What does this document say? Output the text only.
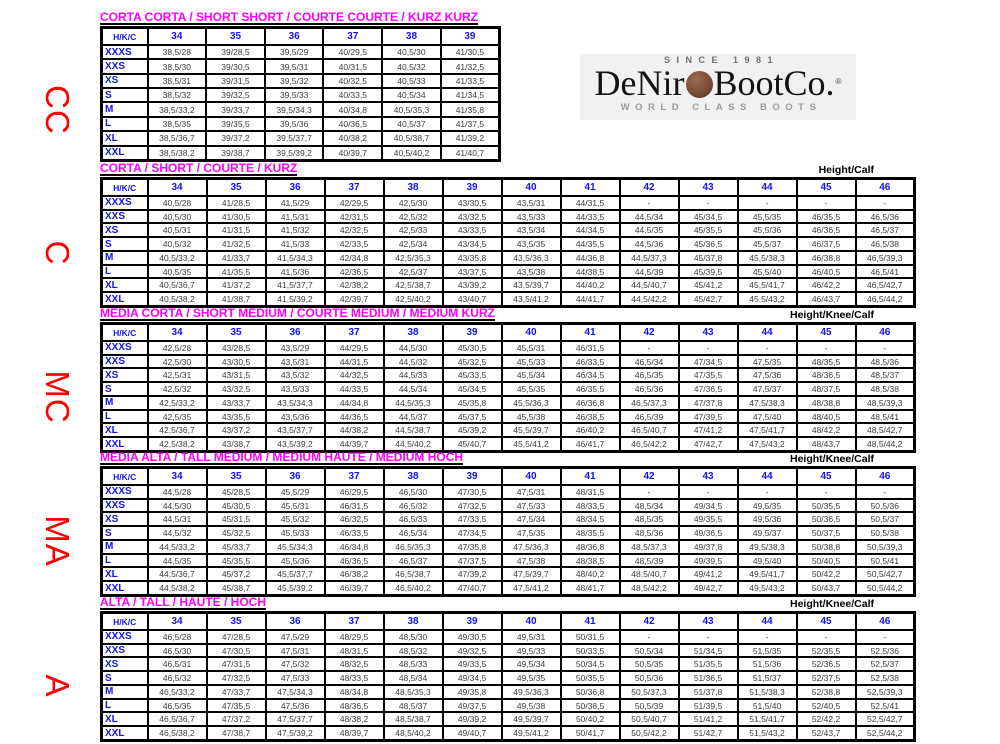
CC
C
MC
MA
A
SINCE 1981
DeNir BootCo. ®
WORLD CLASS BOOTS
CORTA CORTA / SHORT SHORT / COURTE COURTE / KURZ KURZ
H/K/C	34	35	36	37	38	39
XXXS	38,5/28	39/28,5	39,5/29	40/29,5	40,5/30	41/30,5
XXS	38,5/30	39/30,5	39,5/31	40/31,5	40,5/32	41/32,5
XS	38,5/31	39/31,5	39,5/32	40/32,5	40,5/33	41/33,5
S	38,5/32	39/32,5	39,5/33	40/33,5	40,5/34	41/34,5
M	38,5/33,2	39/33,7	39,5/34,3	40/34,8	40,5/35,3	41/35,8
L	38,5/35	39/35,5	39,5/36	40/36,5	40,5/37	41/37,5
XL	38,5/36,7	39/37,2	39,5/37,7	40/38,2	40,5/38,7	41/39,2
XXL	38,5/38,2	39/38,7	39,5/39,2	40/39,7	40,5/40,2	41/40,7
CORTA / SHORT / COURTE / KURZ	Height/Calf
H/K/C	34	35	36	37	38	39	40	41	42	43	44	45	46
XXXS	40,5/28	41/28,5	41,5/29	42/29,5	42,5/30	43/30,5	43,5/31	44/31,5	-	-	-	-	-
XXS	40,5/30	41/30,5	41,5/31	42/31,5	42,5/32	43/32,5	43,5/33	44/33,5	44,5/34	45/34,5	45,5/35	46/35,5	46,5/36
XS	40,5/31	41/31,5	41,5/32	42/32,5	42,5/33	43/33,5	43,5/34	44/34,5	44,5/35	45/35,5	45,5/36	46/36,5	46,5/37
S	40,5/32	41/32,5	41,5/33	42/33,5	42,5/34	43/34,5	43,5/35	44/35,5	44,5/36	45/36,5	45,5/37	46/37,5	46,5/38
M	40,5/33,2	41/33,7	41,5/34,3	42/34,8	42,5/35,3	43/35,8	43,5/36,3	44/36,8	44,5/37,3	45/37,8	45,5/38,3	46/38,8	46,5/39,3
L	40,5/35	41/35,5	41,5/36	42/36,5	42,5/37	43/37,5	43,5/38	44/38,5	44,5/39	45/39,5	45,5/40	46/40,5	46,5/41
XL	40,5/36,7	41/37,2	41,5/37,7	42/38,2	42,5/38,7	43/39,2	43,5/39,7	44/40,2	44,5/40,7	45/41,2	45,5/41,7	46/42,2	46,5/42,7
XXL	40,5/38,2	41/38,7	41,5/39,2	42/39,7	42,5/40,2	43/40,7	43,5/41,2	44/41,7	44,5/42,2	45/42,7	45,5/43,2	46/43,7	46,5/44,2
MEDIA CORTA / SHORT MEDIUM / COURTE MEDIUM / MEDIUM KURZ	Height/Knee/Calf
H/K/C	34	35	36	37	38	39	40	41	42	43	44	45	46
XXXS	42,5/28	43/28,5	43,5/29	44/29,5	44,5/30	45/30,5	45,5/31	46/31,5	-	-	-	-	-
XXS	42,5/30	43/30,5	43,5/31	44/31,5	44,5/32	45/32,5	45,5/33	46/33,5	46,5/34	47/34,5	47,5/35	48/35,5	48,5/36
XS	42,5/31	43/31,5	43,5/32	44/32,5	44,5/33	45/33,5	45,5/34	46/34,5	46,5/35	47/35,5	47,5/36	48/36,5	48,5/37
S	42,5/32	43/32,5	43,5/33	44/33,5	44,5/34	45/34,5	45,5/35	46/35,5	46,5/36	47/36,5	47,5/37	48/37,5	48,5/38
M	42,5/33,2	43/33,7	43,5/34,3	44/34,8	44,5/35,3	45/35,8	45,5/36,3	46/36,8	46,5/37,3	47/37,8	47,5/38,3	48/38,8	48,5/39,3
L	42,5/35	43/35,5	43,5/36	44/36,5	44,5/37	45/37,5	45,5/38	46/38,5	46,5/39	47/39,5	47,5/40	48/40,5	48,5/41
XL	42,5/36,7	43/37,2	43,5/37,7	44/38,2	44,5/38,7	45/39,2	45,5/39,7	46/40,2	46,5/40,7	47/41,2	47,5/41,7	48/42,2	48,5/42,7
XXL	42,5/38,2	43/38,7	43,5/39,2	44/39,7	44,5/40,2	45/40,7	45,5/41,2	46/41,7	46,5/42,2	47/42,7	47,5/43,2	48/43,7	48,5/44,2
MEDIA ALTA / TALL MEDIUM / MEDIUM HAUTE / MEDIUM HOCH	Height/Knee/Calf
H/K/C	34	35	36	37	38	39	40	41	42	43	44	45	46
XXXS	44,5/28	45/28,5	45,5/29	46/29,5	46,5/30	47/30,5	47,5/31	48/31,5	-	-	-	-	-
XXS	44,5/30	45/30,5	45,5/31	46/31,5	46,5/32	47/32,5	47,5/33	48/33,5	48,5/34	49/34,5	49,5/35	50/35,5	50,5/36
XS	44,5/31	45/31,5	45,5/32	46/32,5	46,5/33	47/33,5	47,5/34	48/34,5	48,5/35	49/35,5	49,5/36	50/36,5	50,5/37
S	44,5/32	45/32,5	45,5/33	46/33,5	46,5/34	47/34,5	47,5/35	48/35,5	48,5/36	49/36,5	49,5/37	50/37,5	50,5/38
M	44,5/33,2	45/33,7	45,5/34,3	46/34,8	46,5/35,3	47/35,8	47,5/36,3	48/36,8	48,5/37,3	49/37,8	49,5/38,3	50/38,8	50,5/39,3
L	44,5/35	45/35,5	45,5/36	46/36,5	46,5/37	47/37,5	47,5/38	48/38,5	48,5/39	49/39,5	49,5/40	50/40,5	50,5/41
XL	44,5/36,7	45/37,2	45,5/37,7	46/38,2	46,5/38,7	47/39,2	47,5/39,7	48/40,2	48,5/40,7	49/41,2	49,5/41,7	50/42,2	50,5/42,7
XXL	44,5/38,2	45/38,7	45,5/39,2	46/39,7	46,5/40,2	47/40,7	47,5/41,2	48/41,7	48,5/42,2	49/42,7	49,5/43,2	50/43,7	50,5/44,2
ALTA / TALL / HAUTE / HOCH	Height/Knee/Calf
H/K/C	34	35	36	37	38	39	40	41	42	43	44	45	46
XXXS	46,5/28	47/28,5	47,5/29	48/29,5	48,5/30	49/30,5	49,5/31	50/31,5	-	-	-	-	-
XXS	46,5/30	47/30,5	47,5/31	48/31,5	48,5/32	49/32,5	49,5/33	50/33,5	50,5/34	51/34,5	51,5/35	52/35,5	52,5/36
XS	46,5/31	47/31,5	47,5/32	48/32,5	48,5/33	49/33,5	49,5/34	50/34,5	50,5/35	51/35,5	51,5/36	52/36,5	52,5/37
S	46,5/32	47/32,5	47,5/33	48/33,5	48,5/34	49/34,5	49,5/35	50/35,5	50,5/36	51/36,5	51,5/37	52/37,5	52,5/38
M	46,5/33,2	47/33,7	47,5/34,3	48/34,8	48,5/35,3	49/35,8	49,5/36,3	50/36,8	50,5/37,3	51/37,8	51,5/38,3	52/38,8	52,5/39,3
L	46,5/35	47/35,5	47,5/36	48/36,5	48,5/37	49/37,5	49,5/38	50/38,5	50,5/39	51/39,5	51,5/40	52/40,5	52,5/41
XL	46,5/36,7	47/37,2	47,5/37,7	48/38,2	48,5/38,7	49/39,2	49,5/39,7	50/40,2	50,5/40,7	51/41,2	51,5/41,7	52/42,2	52,5/42,7
XXL	46,5/38,2	47/38,7	47,5/39,2	48/39,7	48,5/40,2	49/40,7	49,5/41,2	50/41,7	50,5/42,2	51/42,7	51,5/43,2	52/43,7	52,5/44,2
